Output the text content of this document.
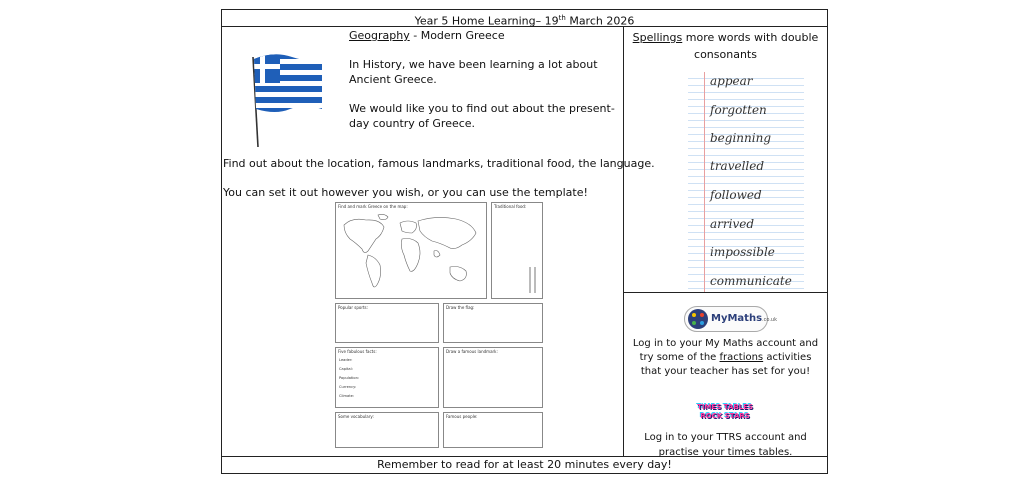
Year 5 Home Learning– 19th March 2026

Geography - Modern Greece

In History, we have been learning a lot about Ancient Greece.

We would like you to find out about the present-day country of Greece.

Find out about the location, famous landmarks, traditional food, the language.
You can set it out however you wish, or you can use the template!
Find and mark Greece on the map:	Traditional food:
Popular sports:	Draw the flag:
Five fabulous facts:
Leader:
Capital:
Population:
Currency:
Climate:
Draw a famous landmark:
Some vocabulary:	Famous people:
Spellings more words with double consonants
appear
forgotten
beginning
travelled
followed
arrived
impossible
communicate
MyMaths.co.uk
Log in to your My Maths account and try some of the fractions activities that your teacher has set for you!
TIMES TABLES
ROCK STARS
Log in to your TTRS account and practise your times tables.
Remember to read for at least 20 minutes every day!
